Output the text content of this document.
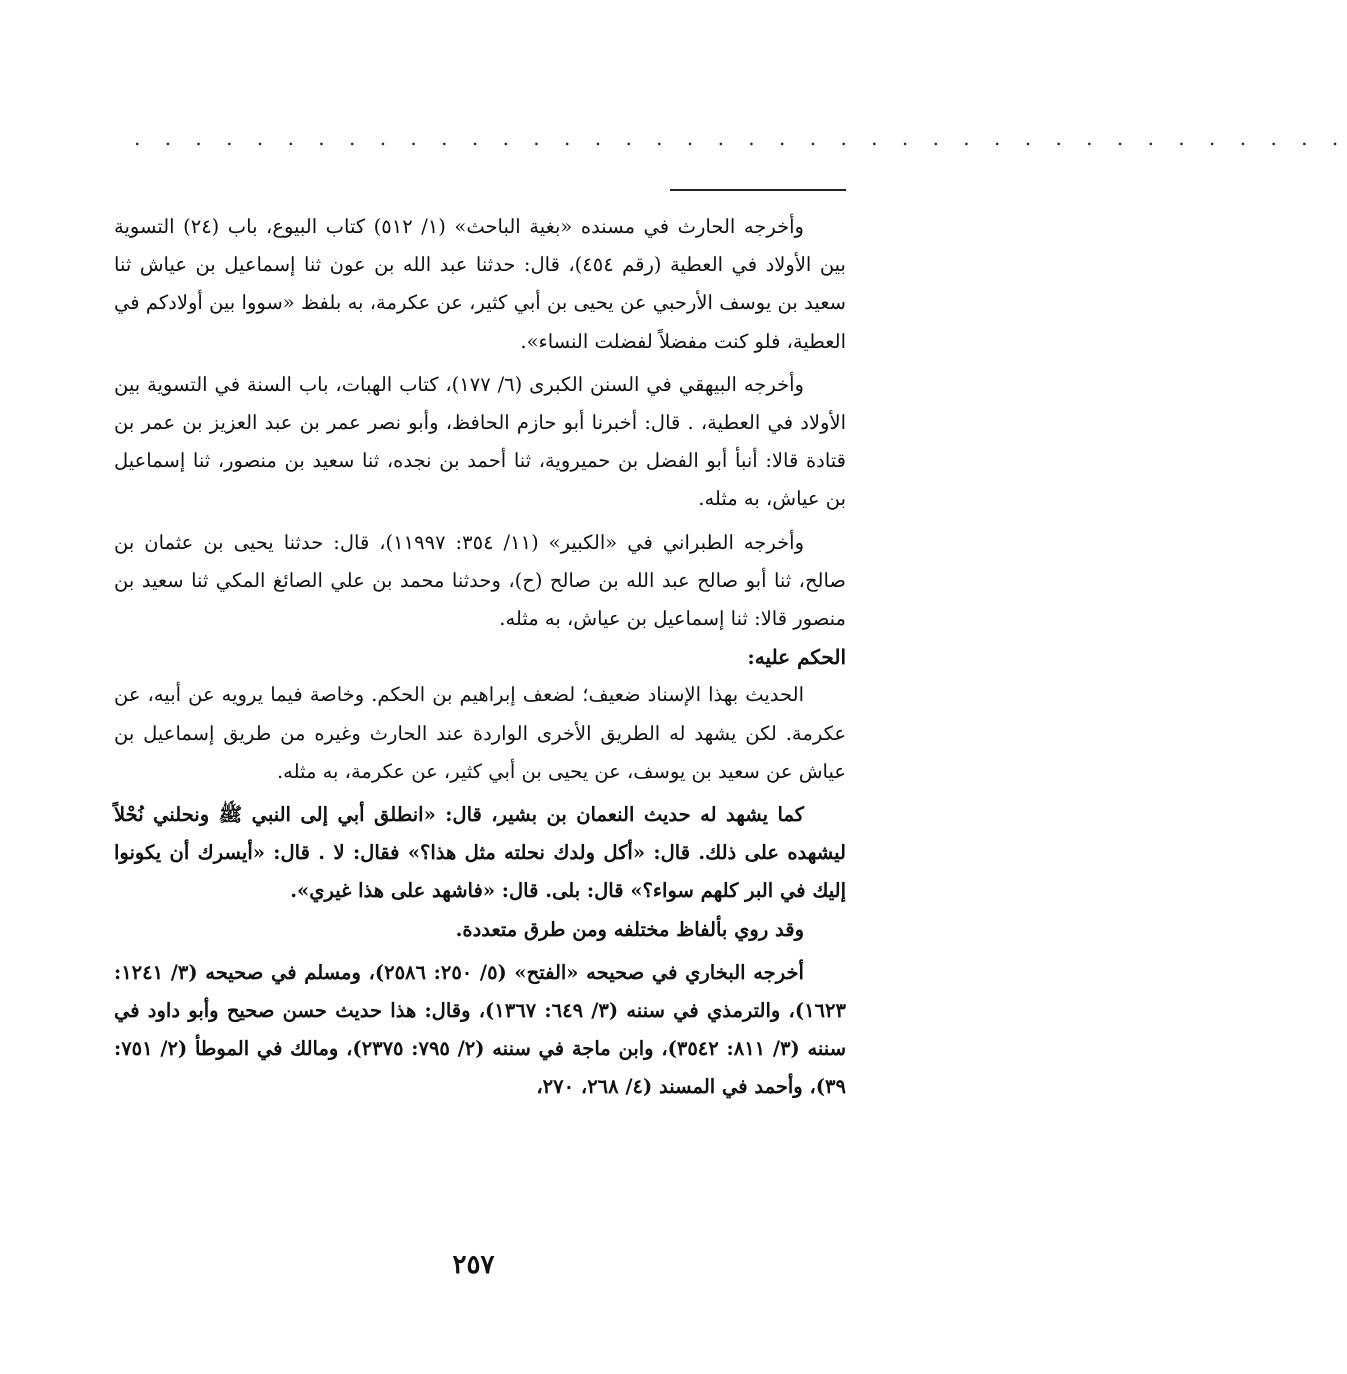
. . . . . . . . . . . . . . . . . . . . . . . . . . . . . . . . . . . . . . . .

وأخرجه الحارث في مسنده «بغية الباحث» (١/ ٥١٢) كتاب البيوع، باب (٢٤) التسوية بين الأولاد في العطية (رقم ٤٥٤)، قال: حدثنا عبد الله بن عون ثنا إسماعيل بن عياش ثنا سعيد بن يوسف الأرحبي عن يحيى بن أبي كثير، عن عكرمة، به بلفظ «سووا بين أولادكم في العطية، فلو كنت مفضلاً لفضلت النساء».

وأخرجه البيهقي في السنن الكبرى (٦/ ١٧٧)، كتاب الهبات، باب السنة في التسوية بين الأولاد في العطية، . قال: أخبرنا أبو حازم الحافظ، وأبو نصر عمر بن عبد العزيز بن عمر بن قتادة قالا: أنبأ أبو الفضل بن حميروية، ثنا أحمد بن نجده، ثنا سعيد بن منصور، ثنا إسماعيل بن عياش، به مثله.

وأخرجه الطبراني في «الكبير» (١١/ ٣٥٤: ١١٩٩٧)، قال: حدثنا يحيى بن عثمان بن صالح، ثنا أبو صالح عبد الله بن صالح (ح)، وحدثنا محمد بن علي الصائغ المكي ثنا سعيد بن منصور قالا: ثنا إسماعيل بن عياش، به مثله.

الحكم عليه:

الحديث بهذا الإسناد ضعيف؛ لضعف إبراهيم بن الحكم. وخاصة فيما يرويه عن أبيه، عن عكرمة. لكن يشهد له الطريق الأخرى الواردة عند الحارث وغيره من طريق إسماعيل بن عياش عن سعيد بن يوسف، عن يحيى بن أبي كثير، عن عكرمة، به مثله.

كما يشهد له حديث النعمان بن بشير، قال: «انطلق أبي إلى النبي ﷺ ونحلني نُحْلاً ليشهده على ذلك. قال: «أكل ولدك نحلته مثل هذا؟» فقال: لا . قال: «أيسرك أن يكونوا إليك في البر كلهم سواء؟» قال: بلى. قال: «فاشهد على هذا غيري».

وقد روي بألفاظ مختلفه ومن طرق متعددة.

أخرجه البخاري في صحيحه «الفتح» (٥/ ٢٥٠: ٢٥٨٦)، ومسلم في صحيحه (٣/ ١٢٤١: ١٦٢٣)، والترمذي في سننه (٣/ ٦٤٩: ١٣٦٧)، وقال: هذا حديث حسن صحيح وأبو داود في سننه (٣/ ٨١١: ٣٥٤٢)، وابن ماجة في سننه (٢/ ٧٩٥: ٢٣٧٥)، ومالك في الموطأ (٢/ ٧٥١: ٣٩)، وأحمد في المسند (٤/ ٢٦٨، ٢٧٠،

٢٥٧
